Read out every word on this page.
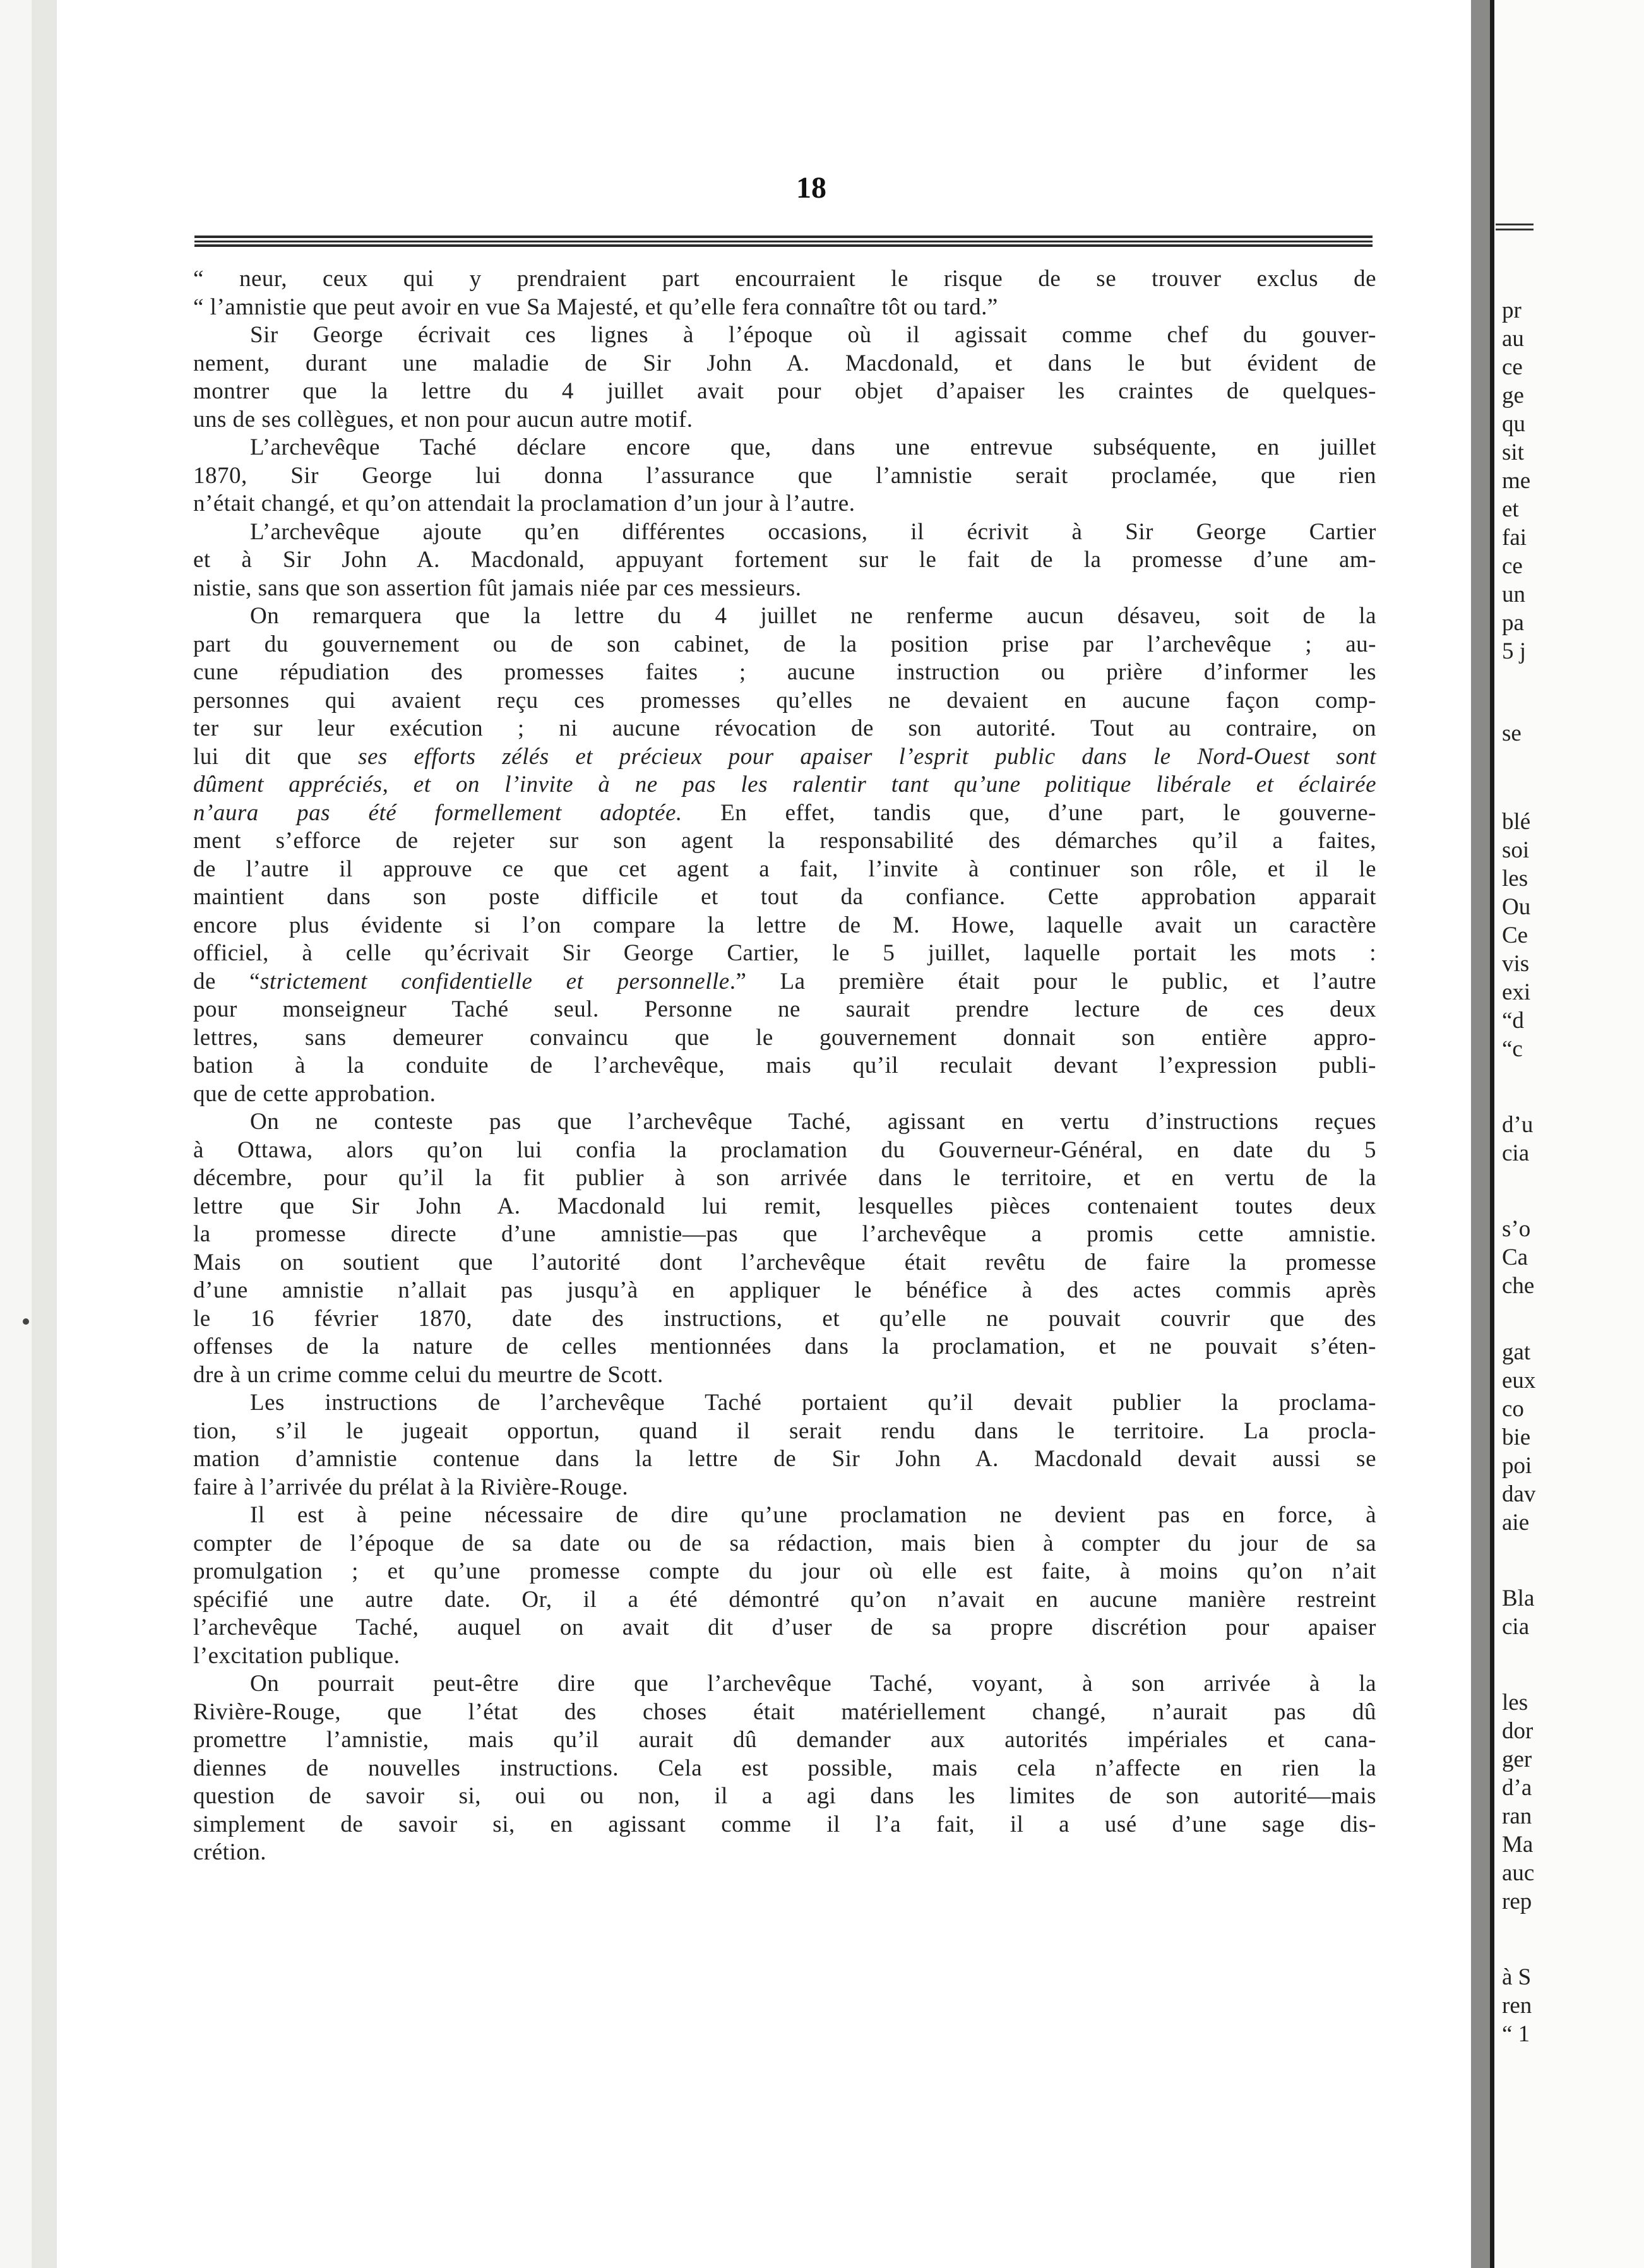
18
“ neur, ceux qui y prendraient part encourraient le risque de se trouver exclus de
“ l’amnistie que peut avoir en vue Sa Majesté, et qu’elle fera connaître tôt ou tard.”
Sir George écrivait ces lignes à l’époque où il agissait comme chef du gouver-
nement, durant une maladie de Sir John A. Macdonald, et dans le but évident de
montrer que la lettre du 4 juillet avait pour objet d’apaiser les craintes de quelques-
uns de ses collègues, et non pour aucun autre motif.
L’archevêque Taché déclare encore que, dans une entrevue subséquente, en juillet
1870, Sir George lui donna l’assurance que l’amnistie serait proclamée, que rien
n’était changé, et qu’on attendait la proclamation d’un jour à l’autre.
L’archevêque ajoute qu’en différentes occasions, il écrivit à Sir George Cartier
et à Sir John A. Macdonald, appuyant fortement sur le fait de la promesse d’une am-
nistie, sans que son assertion fût jamais niée par ces messieurs.
On remarquera que la lettre du 4 juillet ne renferme aucun désaveu, soit de la
part du gouvernement ou de son cabinet, de la position prise par l’archevêque ; au-
cune répudiation des promesses faites ; aucune instruction ou prière d’informer les
personnes qui avaient reçu ces promesses qu’elles ne devaient en aucune façon comp-
ter sur leur exécution ; ni aucune révocation de son autorité. Tout au contraire, on
lui dit que ses efforts zélés et précieux pour apaiser l’esprit public dans le Nord-Ouest sont
dûment appréciés, et on l’invite à ne pas les ralentir tant qu’une politique libérale et éclairée
n’aura pas été formellement adoptée. En effet, tandis que, d’une part, le gouverne-
ment s’efforce de rejeter sur son agent la responsabilité des démarches qu’il a faites,
de l’autre il approuve ce que cet agent a fait, l’invite à continuer son rôle, et il le
maintient dans son poste difficile et tout da confiance. Cette approbation apparait
encore plus évidente si l’on compare la lettre de M. Howe, laquelle avait un caractère
officiel, à celle qu’écrivait Sir George Cartier, le 5 juillet, laquelle portait les mots :
de “strictement confidentielle et personnelle.” La première était pour le public, et l’autre
pour monseigneur Taché seul. Personne ne saurait prendre lecture de ces deux
lettres, sans demeurer convaincu que le gouvernement donnait son entière appro-
bation à la conduite de l’archevêque, mais qu’il reculait devant l’expression publi-
que de cette approbation.
On ne conteste pas que l’archevêque Taché, agissant en vertu d’instructions reçues
à Ottawa, alors qu’on lui confia la proclamation du Gouverneur-Général, en date du 5
décembre, pour qu’il la fit publier à son arrivée dans le territoire, et en vertu de la
lettre que Sir John A. Macdonald lui remit, lesquelles pièces contenaient toutes deux
la promesse directe d’une amnistie—pas que l’archevêque a promis cette amnistie.
Mais on soutient que l’autorité dont l’archevêque était revêtu de faire la promesse
d’une amnistie n’allait pas jusqu’à en appliquer le bénéfice à des actes commis après
le 16 février 1870, date des instructions, et qu’elle ne pouvait couvrir que des
offenses de la nature de celles mentionnées dans la proclamation, et ne pouvait s’éten-
dre à un crime comme celui du meurtre de Scott.
Les instructions de l’archevêque Taché portaient qu’il devait publier la proclama-
tion, s’il le jugeait opportun, quand il serait rendu dans le territoire. La procla-
mation d’amnistie contenue dans la lettre de Sir John A. Macdonald devait aussi se
faire à l’arrivée du prélat à la Rivière-Rouge.
Il est à peine nécessaire de dire qu’une proclamation ne devient pas en force, à
compter de l’époque de sa date ou de sa rédaction, mais bien à compter du jour de sa
promulgation ; et qu’une promesse compte du jour où elle est faite, à moins qu’on n’ait
spécifié une autre date. Or, il a été démontré qu’on n’avait en aucune manière restreint
l’archevêque Taché, auquel on avait dit d’user de sa propre discrétion pour apaiser
l’excitation publique.
On pourrait peut-être dire que l’archevêque Taché, voyant, à son arrivée à la
Rivière-Rouge, que l’état des choses était matériellement changé, n’aurait pas dû
promettre l’amnistie, mais qu’il aurait dû demander aux autorités impériales et cana-
diennes de nouvelles instructions. Cela est possible, mais cela n’affecte en rien la
question de savoir si, oui ou non, il a agi dans les limites de son autorité—mais
simplement de savoir si, en agissant comme il l’a fait, il a usé d’une sage dis-
crétion.
pr
au
ce
ge
qu
sit
me
et
fai
ce
un
pa
5 j
se
blé
soi
les
Ou
Ce
vis
exi
“d
“c
d’u
cia
s’o
Ca
che
gat
eux
co
bie
poi
dav
aie
Bla
cia
les
dor
ger
d’a
ran
Ma
auc
rep
à S
ren
“ 1
